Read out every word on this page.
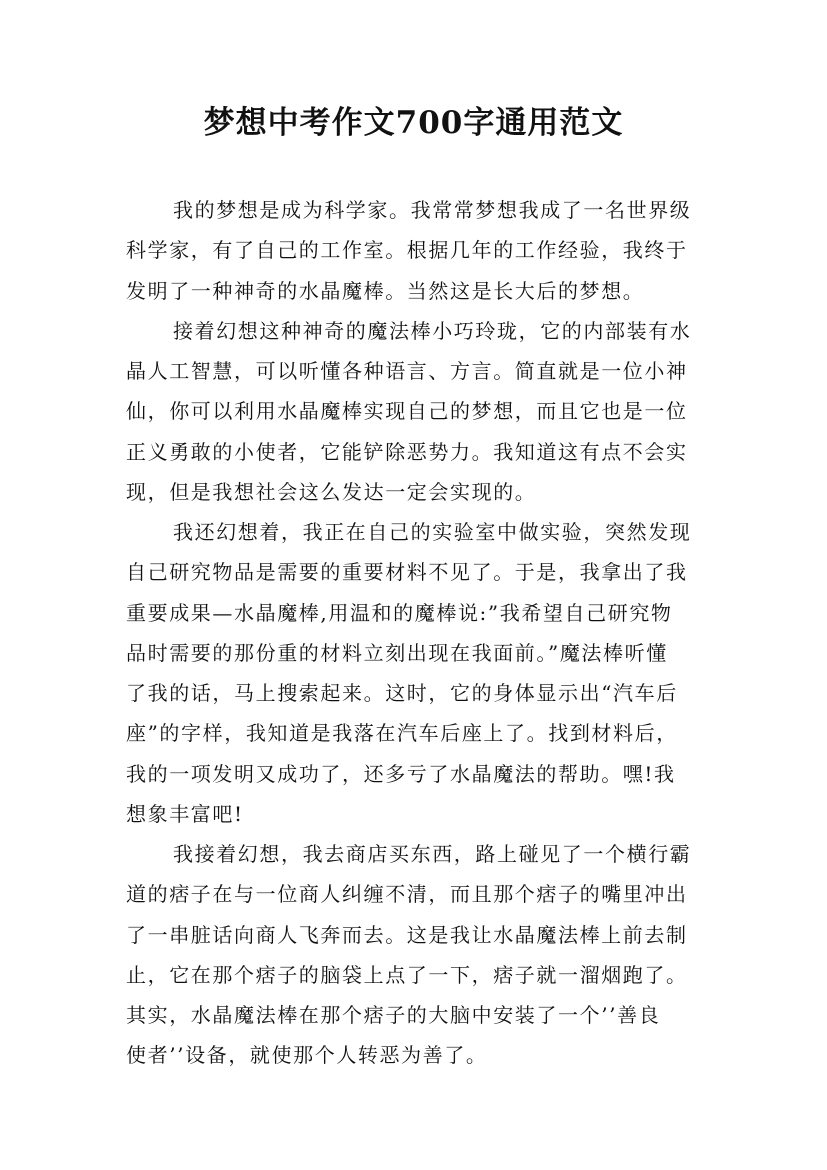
梦想中考作文700字通用范文
我的梦想是成为科学家。我常常梦想我成了一名世界级
科学家，有了自己的工作室。根据几年的工作经验，我终于
发明了一种神奇的水晶魔棒。当然这是长大后的梦想。
接着幻想这种神奇的魔法棒小巧玲珑，它的内部装有水
晶人工智慧，可以听懂各种语言、方言。简直就是一位小神
仙，你可以利用水晶魔棒实现自己的梦想，而且它也是一位
正义勇敢的小使者，它能铲除恶势力。我知道这有点不会实
现，但是我想社会这么发达一定会实现的。
我还幻想着，我正在自己的实验室中做实验，突然发现
自己研究物品是需要的重要材料不见了。于是，我拿出了我
重要成果—水晶魔棒,用温和的魔棒说:”我希望自己研究物
品时需要的那份重的材料立刻出现在我面前。”魔法棒听懂
了我的话，马上搜索起来。这时，它的身体显示出“汽车后
座”的字样，我知道是我落在汽车后座上了。找到材料后，
我的一项发明又成功了，还多亏了水晶魔法的帮助。嘿!我
想象丰富吧!
我接着幻想，我去商店买东西，路上碰见了一个横行霸
道的痞子在与一位商人纠缠不清，而且那个痞子的嘴里冲出
了一串脏话向商人飞奔而去。这是我让水晶魔法棒上前去制
止，它在那个痞子的脑袋上点了一下，痞子就一溜烟跑了。
其实，水晶魔法棒在那个痞子的大脑中安装了一个’’善良
使者’’设备，就使那个人转恶为善了。
